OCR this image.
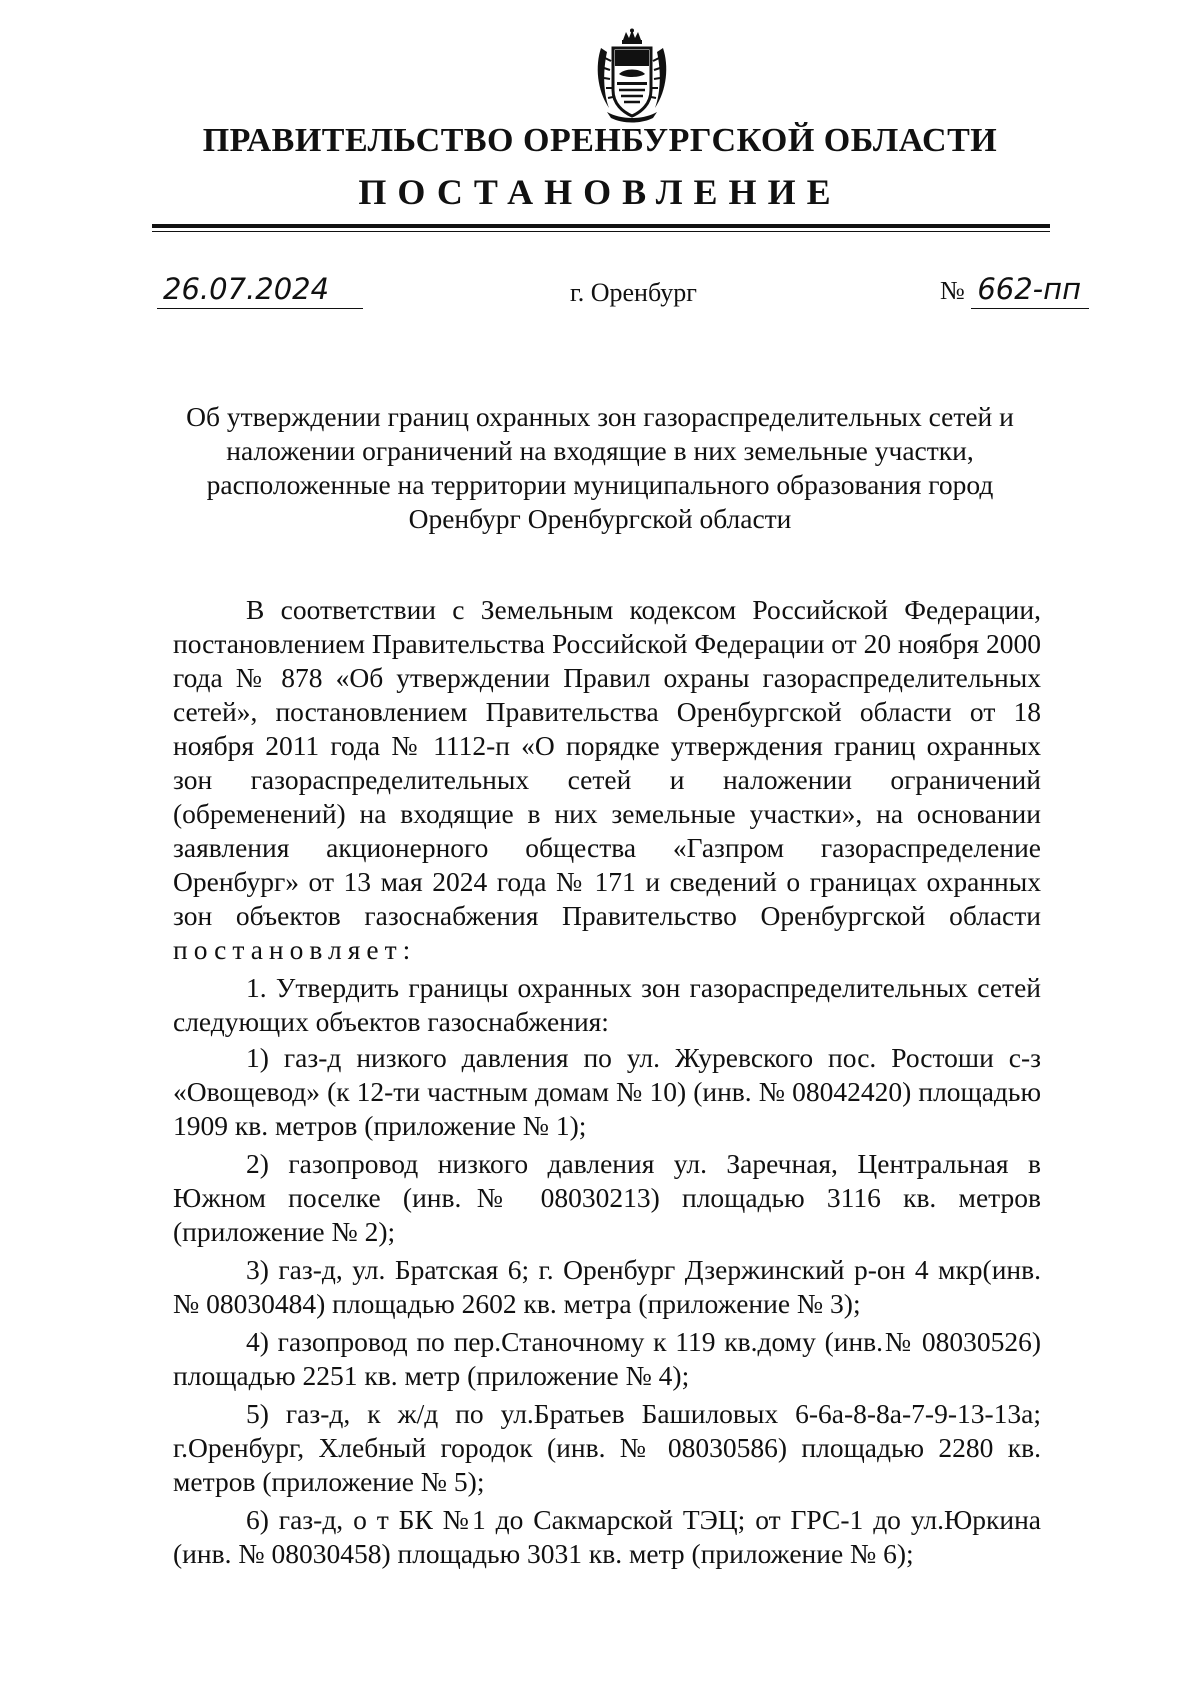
ПРАВИТЕЛЬСТВО ОРЕНБУРГСКОЙ ОБЛАСТИ
ПОСТАНОВЛЕНИЕ
26.07.2024	г. Оренбург	№ 662-пп
Об утверждении границ охранных зон газораспределительных сетей и наложении ограничений на входящие в них земельные участки, расположенные на территории муниципального образования город Оренбург Оренбургской области

В соответствии с Земельным кодексом Российской Федерации, постановлением Правительства Российской Федерации от 20 ноября 2000 года № 878 «Об утверждении Правил охраны газораспределительных сетей», постановлением Правительства Оренбургской области от 18 ноября 2011 года № 1112-п «О порядке утверждения границ охранных зон газораспределительных сетей и наложении ограничений (обременений) на входящие в них земельные участки», на основании заявления акционерного общества «Газпром газораспределение Оренбург» от 13 мая 2024 года № 171 и сведений о границах охранных зон объектов газоснабжения Правительство Оренбургской области постановляет:

1. Утвердить границы охранных зон газораспределительных сетей следующих объектов газоснабжения:

1) газ-д низкого давления по ул. Журевского пос. Ростоши с-з «Овощевод» (к 12-ти частным домам № 10) (инв. № 08042420) площадью 1909 кв. метров (приложение № 1);

2) газопровод низкого давления ул. Заречная, Центральная в Южном поселке (инв.№ 08030213) площадью 3116 кв. метров (приложение № 2);

3) газ-д, ул. Братская 6; г. Оренбург Дзержинский р-он 4 мкр(инв. № 08030484) площадью 2602 кв. метра (приложение № 3);

4) газопровод по пер.Станочному к 119 кв.дому (инв.№ 08030526) площадью 2251 кв. метр (приложение № 4);

5) газ-д, к ж/д по ул.Братьев Башиловых 6-6а-8-8а-7-9-13-13а; г.Оренбург, Хлебный городок (инв. № 08030586) площадью 2280 кв. метров (приложение № 5);

6) газ-д, о т БК №1 до Сакмарской ТЭЦ; от ГРС-1 до ул.Юркина (инв. № 08030458) площадью 3031 кв. метр (приложение № 6);
